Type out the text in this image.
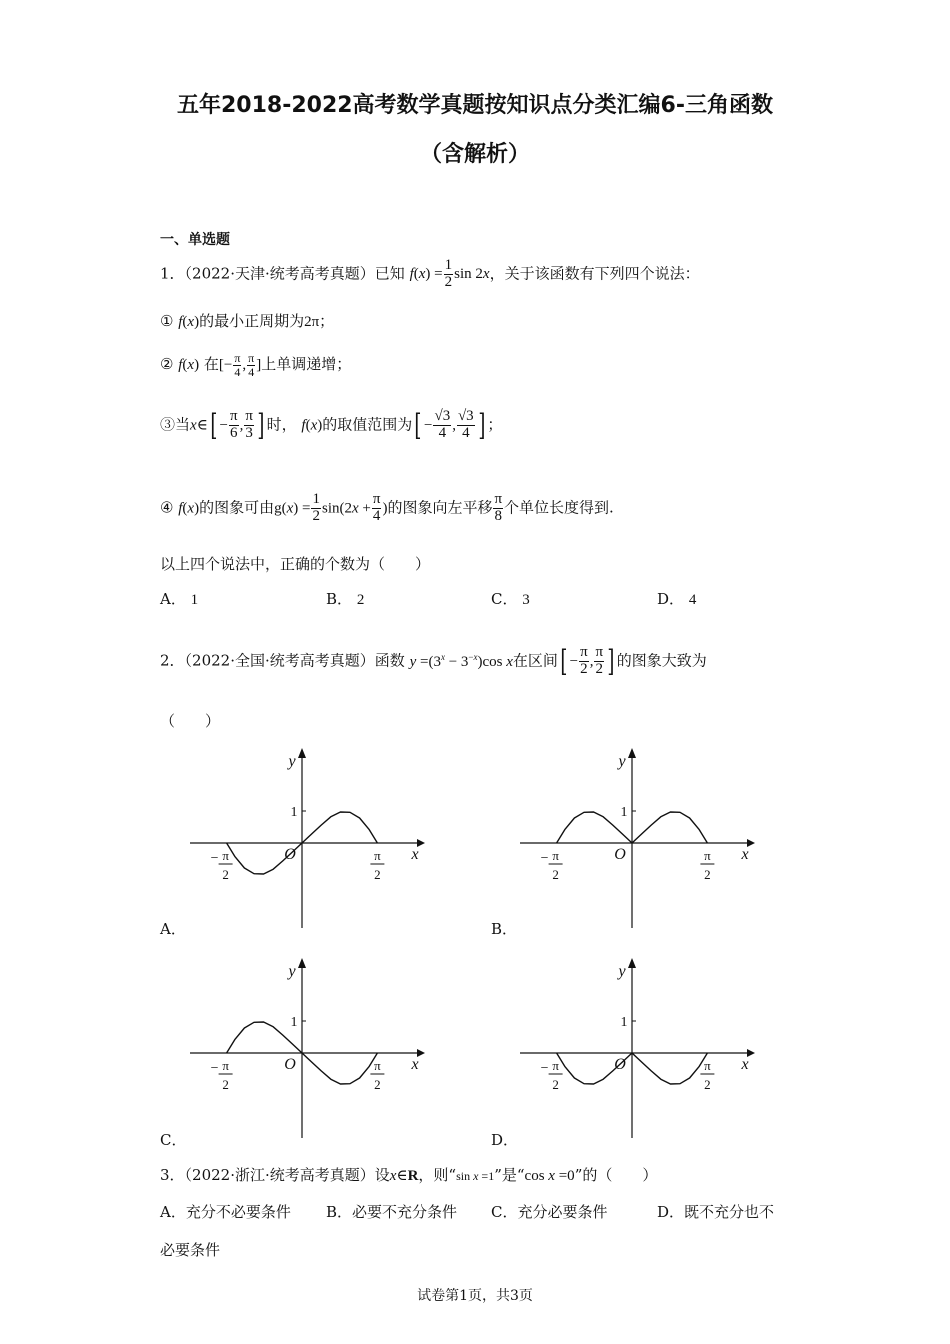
五年2018-2022高考数学真题按知识点分类汇编6-三角函数
（含解析）
一、单选题
1．（2022·天津·统考高考真题）已知 $f(x) = \frac{1}{2}$ sin 2x，关于该函数有下列四个说法：
① f(x)的最小正周期为2π；
② f(x) 在[− $\frac{\pi}{4}$ , $\frac{\pi}{4}$ ]上单调递增；
③当x∈[ − $\frac{\pi}{6}$ , $\frac{\pi}{3}$ ] 时， f(x)的取值范围为[ − $\frac{√3}{4}$ , $\frac{√3}{4}$ ] ；
④ f(x)的图象可由$g(x) = \frac{1}{2} \sin(2x + \frac{\pi}{4}$ )的图象向左平移 $\frac{\pi}{8}$ 个单位长度得到.
以上四个说法中，正确的个数为（　　）
A． 1	B． 2	C． 3	D． 4
2．（2022·全国·统考高考真题）函数 $y =(3^x - 3^{-x})\cos$ x在区间[ − $\frac{\pi}{2}$ , $\frac{\pi}{2}$ ] 的图象大致为
（　　）
1
y
x
O
− π
2
π
2
1
y
x
O
− π
2
π
2
1
y
x
O
− π
2
π
2
1
y
x
O
− π
2
π
2
A．	B．
C．	D．
3．（2022·浙江·统考高考真题）设x∈R，则“sin x =1”是“cos x =0”的（　　）
A．充分不必要条件 B．必要不充分条件 C．充分必要条件	D．既不充分也不
必要条件
试卷第1页，共3页
